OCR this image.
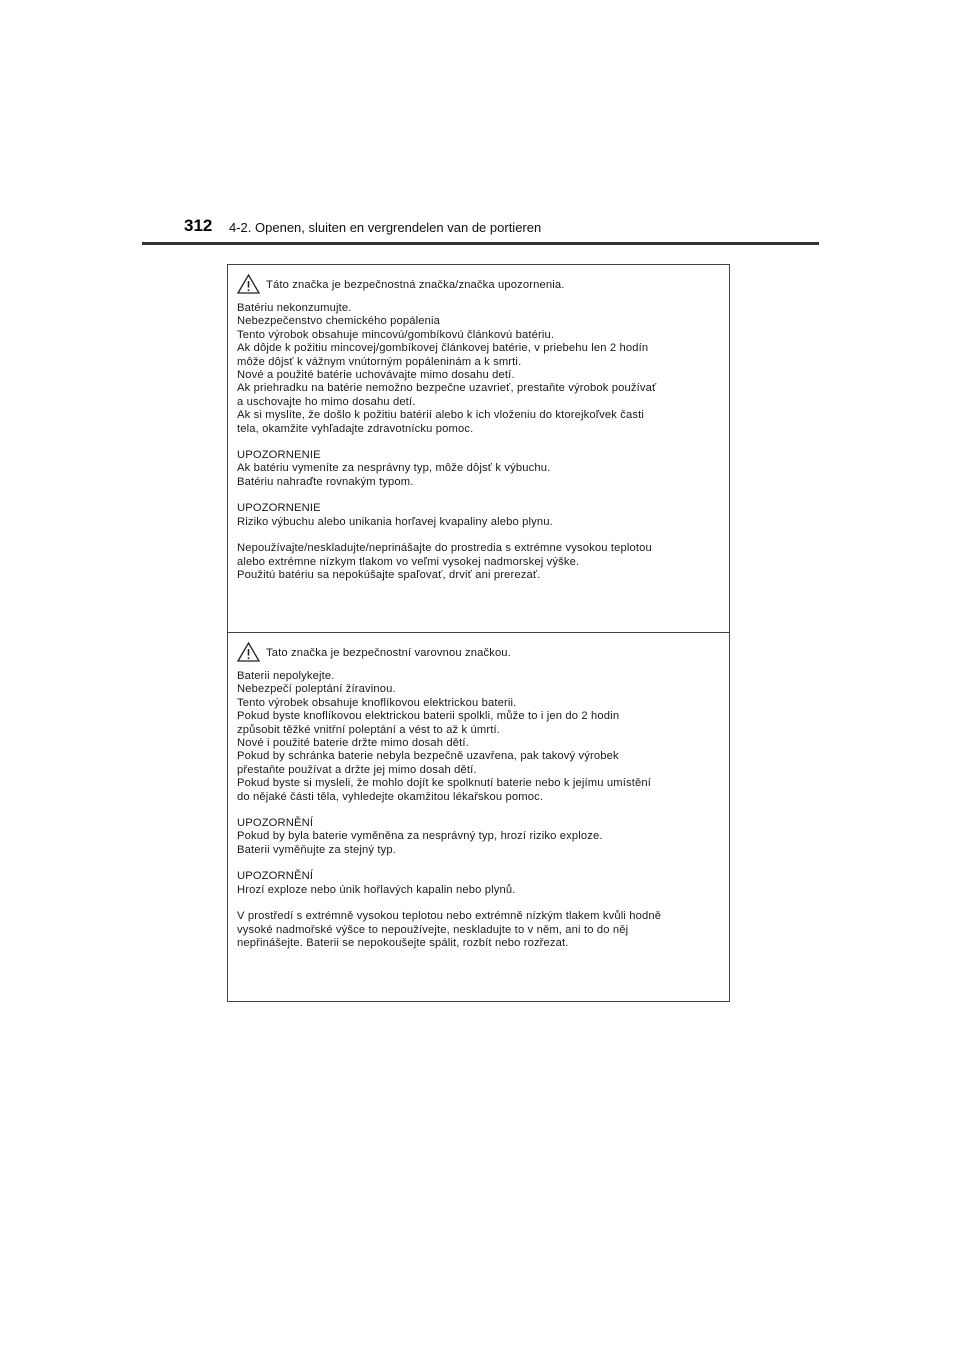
312 4-2. Openen, sluiten en vergrendelen van de portieren
Táto značka je bezpečnostná značka/značka upozornenia.
Batériu nekonzumujte.
Nebezpečenstvo chemického popálenia
Tento výrobok obsahuje mincovú/gombíkovú článkovú batériu.
Ak dôjde k požitiu mincovej/gombíkovej článkovej batérie, v priebehu len 2 hodín
môže dôjsť k vážnym vnútorným popáleninám a k smrti.
Nové a použité batérie uchovávajte mimo dosahu detí.
Ak priehradku na batérie nemožno bezpečne uzavrieť, prestaňte výrobok používať
a uschovajte ho mimo dosahu detí.
Ak si myslíte, že došlo k požitiu batérií alebo k ich vloženiu do ktorejkoľvek časti
tela, okamžite vyhľadajte zdravotnícku pomoc.
UPOZORNENIE
Ak batériu vymeníte za nesprávny typ, môže dôjsť k výbuchu.
Batériu nahraďte rovnakým typom.
UPOZORNENIE
Riziko výbuchu alebo unikania horľavej kvapaliny alebo plynu.
Nepoužívajte/neskladujte/neprinášajte do prostredia s extrémne vysokou teplotou
alebo extrémne nízkym tlakom vo veľmi vysokej nadmorskej výške.
Použitú batériu sa nepokúšajte spaľovať, drviť ani prerezať.
Tato značka je bezpečnostní varovnou značkou.
Baterii nepolykejte.
Nebezpečí poleptání žíravinou.
Tento výrobek obsahuje knoflíkovou elektrickou baterii.
Pokud byste knoflíkovou elektrickou baterii spolkli, může to i jen do 2 hodin
způsobit těžké vnitřní poleptání a vést to až k úmrtí.
Nové i použité baterie držte mimo dosah dětí.
Pokud by schránka baterie nebyla bezpečně uzavřena, pak takový výrobek
přestaňte používat a držte jej mimo dosah dětí.
Pokud byste si mysleli, že mohlo dojít ke spolknutí baterie nebo k jejímu umístění
do nějaké části těla, vyhledejte okamžitou lékařskou pomoc.
UPOZORNĚNÍ
Pokud by byla baterie vyměněna za nesprávný typ, hrozí riziko exploze.
Baterii vyměňujte za stejný typ.
UPOZORNĚNÍ
Hrozí exploze nebo únik hořlavých kapalin nebo plynů.
V prostředí s extrémně vysokou teplotou nebo extrémně nízkým tlakem kvůli hodně
vysoké nadmořské výšce to nepoužívejte, neskladujte to v něm, ani to do něj
nepřinášejte. Baterii se nepokoušejte spálit, rozbít nebo rozřezat.
